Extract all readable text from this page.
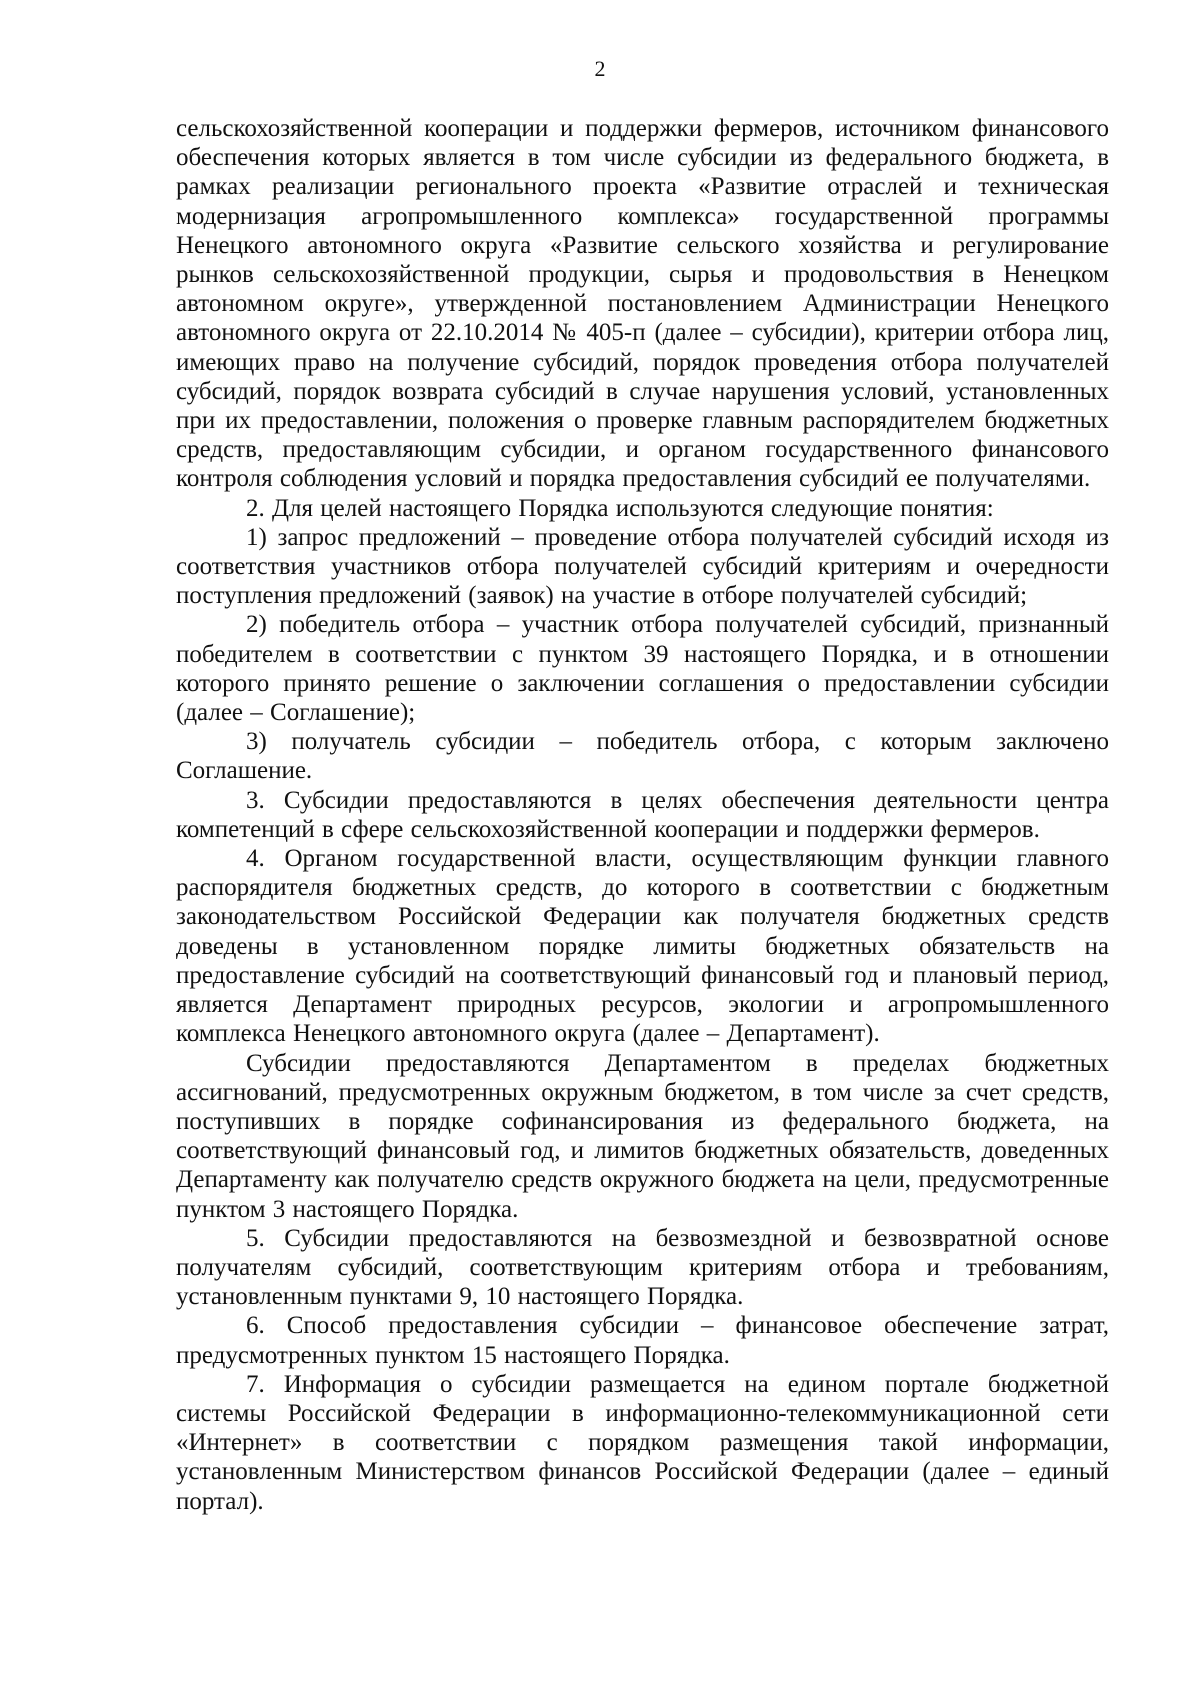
2

сельскохозяйственной кооперации и поддержки фермеров, источником финансового обеспечения которых является в том числе субсидии из федерального бюджета, в рамках реализации регионального проекта «Развитие отраслей и техническая модернизация агропромышленного комплекса» государственной программы Ненецкого автономного округа «Развитие сельского хозяйства и регулирование рынков сельскохозяйственной продукции, сырья и продовольствия в Ненецком автономном округе», утвержденной постановлением Администрации Ненецкого автономного округа от 22.10.2014 № 405-п (далее – субсидии), критерии отбора лиц, имеющих право на получение субсидий, порядок проведения отбора получателей субсидий, порядок возврата субсидий в случае нарушения условий, установленных при их предоставлении, положения о проверке главным распорядителем бюджетных средств, предоставляющим субсидии, и органом государственного финансового контроля соблюдения условий и порядка предоставления субсидий ее получателями.

2. Для целей настоящего Порядка используются следующие понятия:

1) запрос предложений – проведение отбора получателей субсидий исходя из соответствия участников отбора получателей субсидий критериям и очередности поступления предложений (заявок) на участие в отборе получателей субсидий;

2) победитель отбора – участник отбора получателей субсидий, признанный победителем в соответствии с пунктом 39 настоящего Порядка, и в отношении которого принято решение о заключении соглашения о предоставлении субсидии (далее – Соглашение);

3) получатель субсидии – победитель отбора, с которым заключено Соглашение.

3. Субсидии предоставляются в целях обеспечения деятельности центра компетенций в сфере сельскохозяйственной кооперации и поддержки фермеров.

4. Органом государственной власти, осуществляющим функции главного распорядителя бюджетных средств, до которого в соответствии с бюджетным законодательством Российской Федерации как получателя бюджетных средств доведены в установленном порядке лимиты бюджетных обязательств на предоставление субсидий на соответствующий финансовый год и плановый период, является Департамент природных ресурсов, экологии и агропромышленного комплекса Ненецкого автономного округа (далее – Департамент).

Субсидии предоставляются Департаментом в пределах бюджетных ассигнований, предусмотренных окружным бюджетом, в том числе за счет средств, поступивших в порядке софинансирования из федерального бюджета, на соответствующий финансовый год, и лимитов бюджетных обязательств, доведенных Департаменту как получателю средств окружного бюджета на цели, предусмотренные пунктом 3 настоящего Порядка.

5. Субсидии предоставляются на безвозмездной и безвозвратной основе получателям субсидий, соответствующим критериям отбора и требованиям, установленным пунктами 9, 10 настоящего Порядка.

6. Способ предоставления субсидии – финансовое обеспечение затрат, предусмотренных пунктом 15 настоящего Порядка.

7. Информация о субсидии размещается на едином портале бюджетной системы Российской Федерации в информационно-телекоммуникационной сети «Интернет» в соответствии с порядком размещения такой информации, установленным Министерством финансов Российской Федерации (далее – единый портал).
